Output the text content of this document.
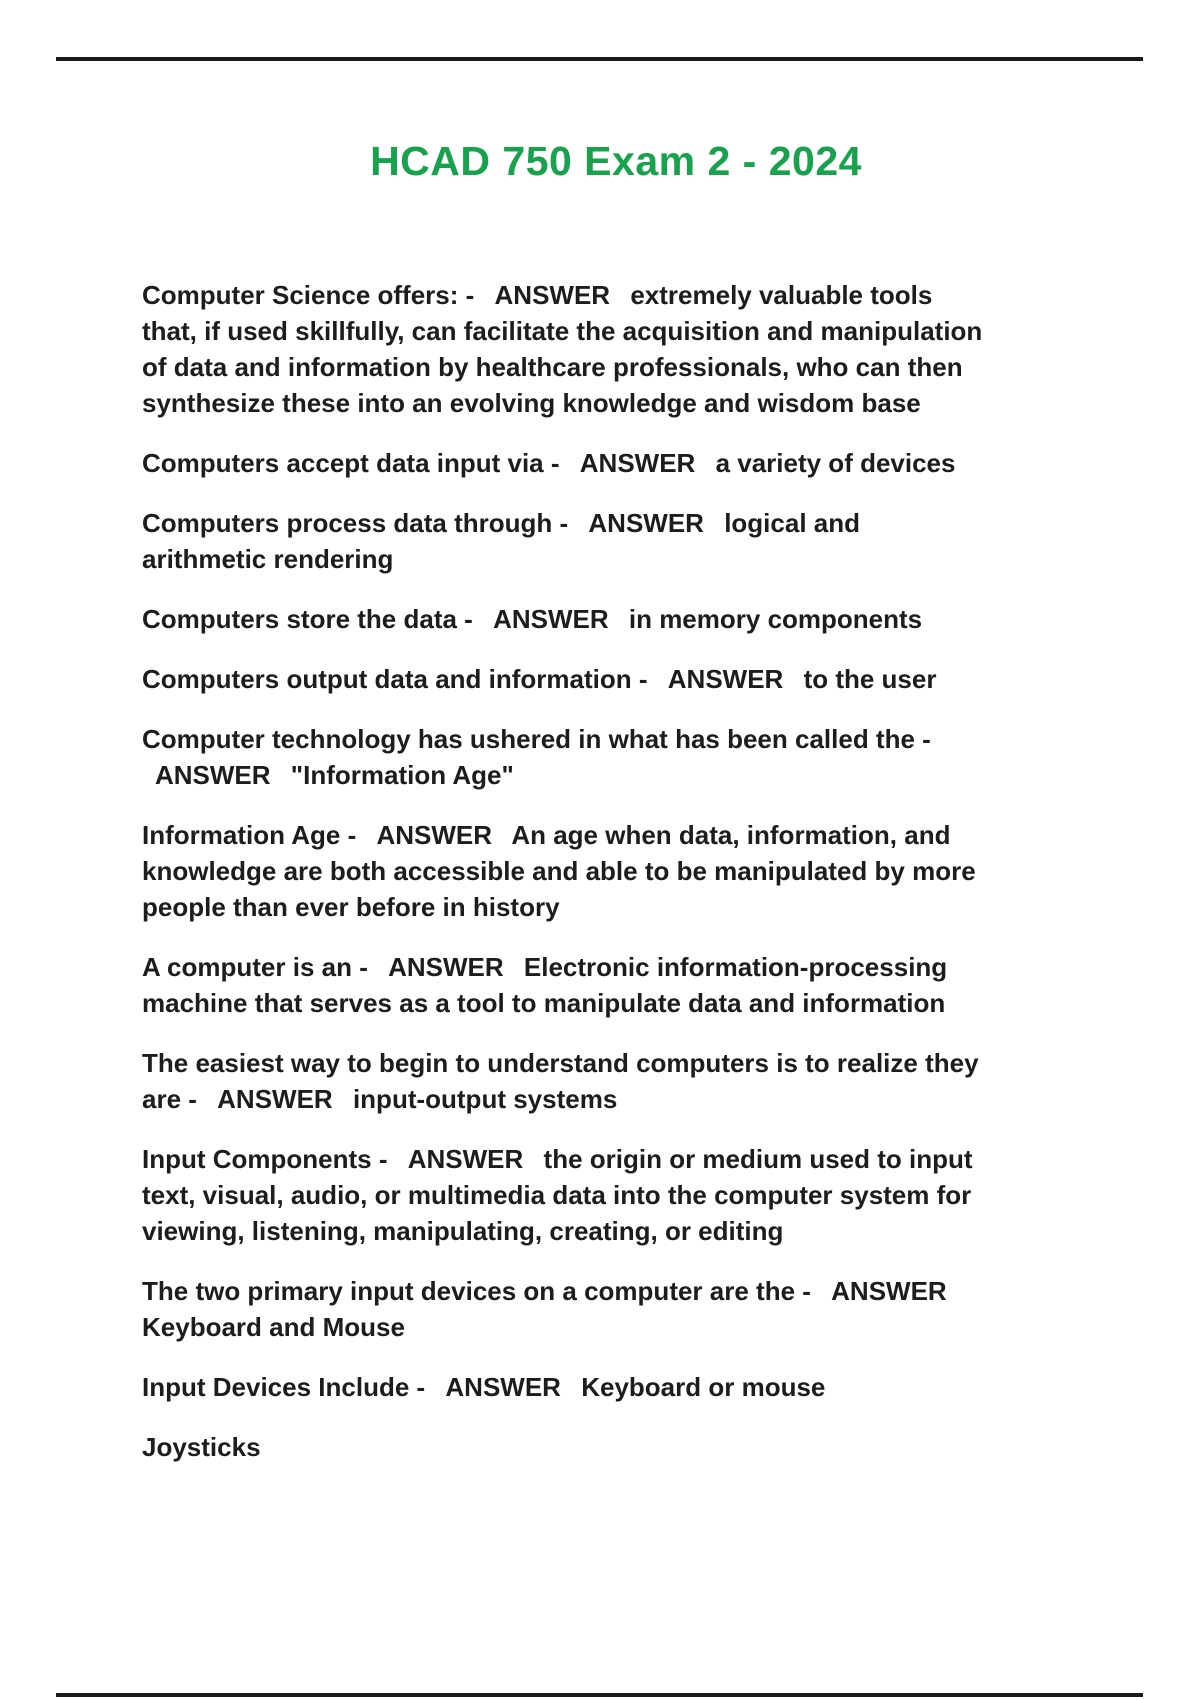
HCAD 750 Exam 2 - 2024

Computer Science offers: - ANSWER extremely valuable tools that, if used skillfully, can facilitate the acquisition and manipulation of data and information by healthcare professionals, who can then synthesize these into an evolving knowledge and wisdom base

Computers accept data input via - ANSWER a variety of devices

Computers process data through - ANSWER logical and arithmetic rendering

Computers store the data - ANSWER in memory components

Computers output data and information - ANSWER to the user

Computer technology has ushered in what has been called the - ANSWER "Information Age"

Information Age - ANSWER An age when data, information, and knowledge are both accessible and able to be manipulated by more people than ever before in history

A computer is an - ANSWER Electronic information-processing machine that serves as a tool to manipulate data and information

The easiest way to begin to understand computers is to realize they are - ANSWER input-output systems

Input Components - ANSWER the origin or medium used to input text, visual, audio, or multimedia data into the computer system for viewing, listening, manipulating, creating, or editing

The two primary input devices on a computer are the - ANSWER Keyboard and Mouse

Input Devices Include - ANSWER Keyboard or mouse

Joysticks
